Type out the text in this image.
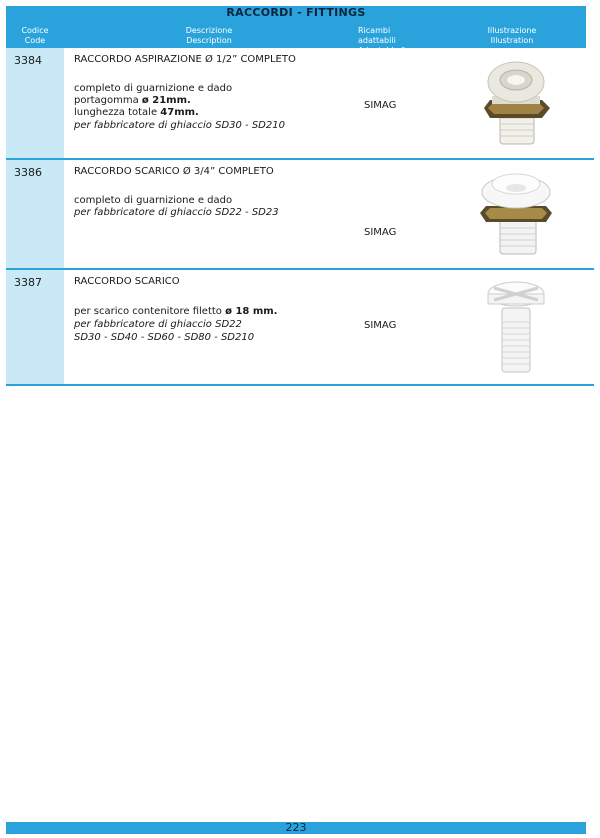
RACCORDI - FITTINGS
Codice
Code
Descrizione
Description
Ricambi adattabili
Adaptable for
Illustrazione
Illustration
3384	RACCORDO ASPIRAZIONE Ø 1/2” COMPLETO
completo di guarnizione e dado
portagomma ø 21mm.
lunghezza totale 47mm.
per fabbricatore di ghiaccio SD30 - SD210
SIMAG
3386	RACCORDO SCARICO Ø 3/4” COMPLETO
completo di guarnizione e dado
per fabbricatore di ghiaccio SD22 - SD23
SIMAG
3387	RACCORDO SCARICO
per scarico contenitore filetto ø 18 mm.
per fabbricatore di ghiaccio SD22
SD30 - SD40 - SD60 - SD80 - SD210
SIMAG
223
